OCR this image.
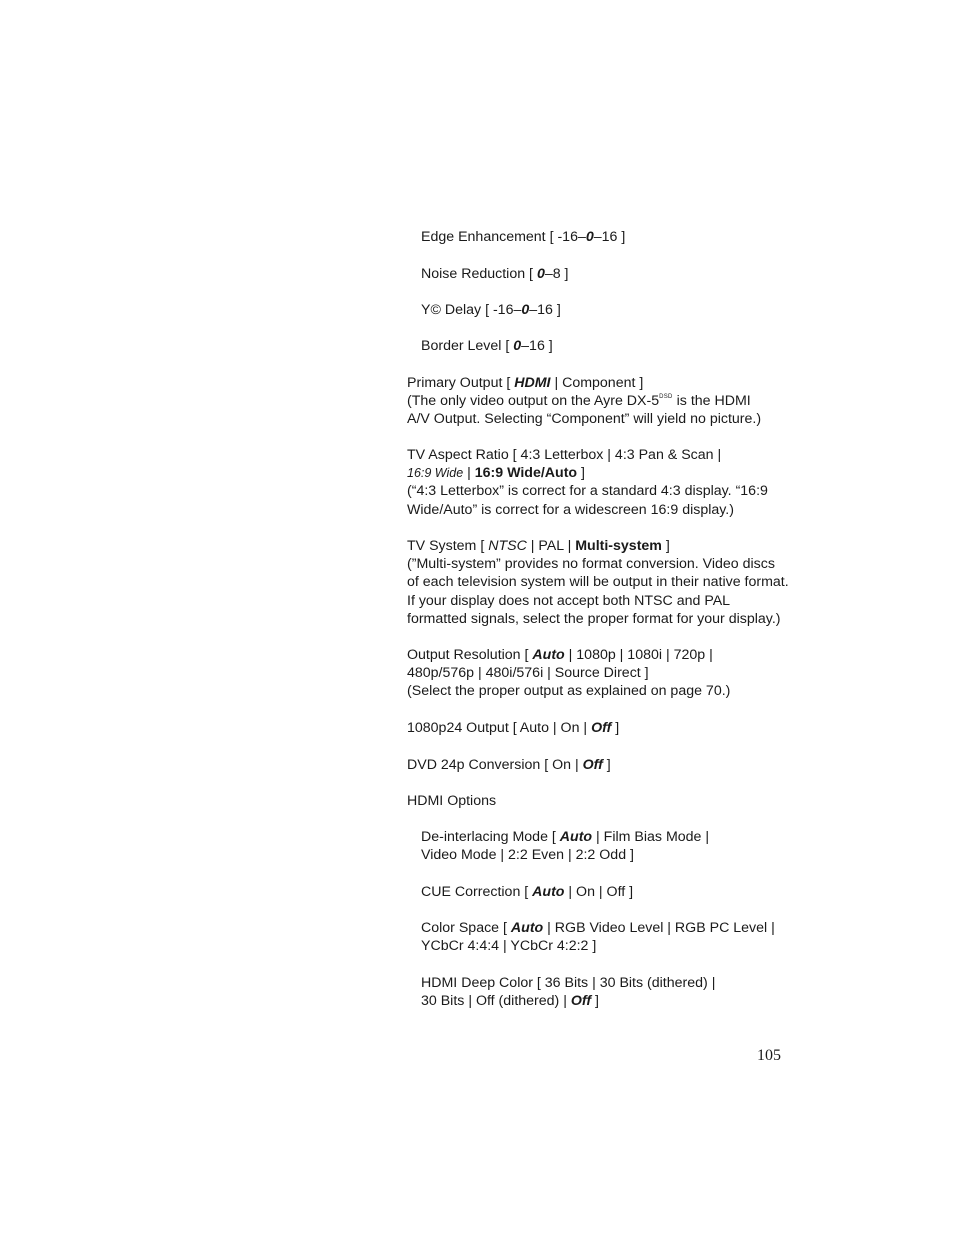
Edge Enhancement [ -16–0–16 ]
Noise Reduction [ 0–8 ]
Y© Delay [ -16–0–16 ]
Border Level [ 0–16 ]
Primary Output [ HDMI | Component ]
(The only video output on the Ayre $DX-5^{DSD}$ is the HDMI
A/V Output. Selecting “Component” will yield no picture.)
TV Aspect Ratio [ 4:3 Letterbox | 4:3 Pan & Scan |
16:9 Wide | 16:9 Wide/Auto ]
(“4:3 Letterbox” is correct for a standard 4:3 display. “16:9
Wide/Auto” is correct for a widescreen 16:9 display.)
TV System [ NTSC | PAL | Multi-system ]
(”Multi-system” provides no format conversion. Video discs
of each television system will be output in their native format.
If your display does not accept both NTSC and PAL
formatted signals, select the proper format for your display.)
Output Resolution [ Auto | 1080p | 1080i | 720p |
480p/576p | 480i/576i | Source Direct ]
(Select the proper output as explained on page 70.)
1080p24 Output [ Auto | On | Off ]
DVD 24p Conversion [ On | Off ]
HDMI Options
De-interlacing Mode [ Auto | Film Bias Mode |
Video Mode | 2:2 Even | 2:2 Odd ]
CUE Correction [ Auto | On | Off ]
Color Space [ Auto | RGB Video Level | RGB PC Level |
YCbCr 4:4:4 | YCbCr 4:2:2 ]
HDMI Deep Color [ 36 Bits | 30 Bits (dithered) |
30 Bits | Off (dithered) | Off ]
105
